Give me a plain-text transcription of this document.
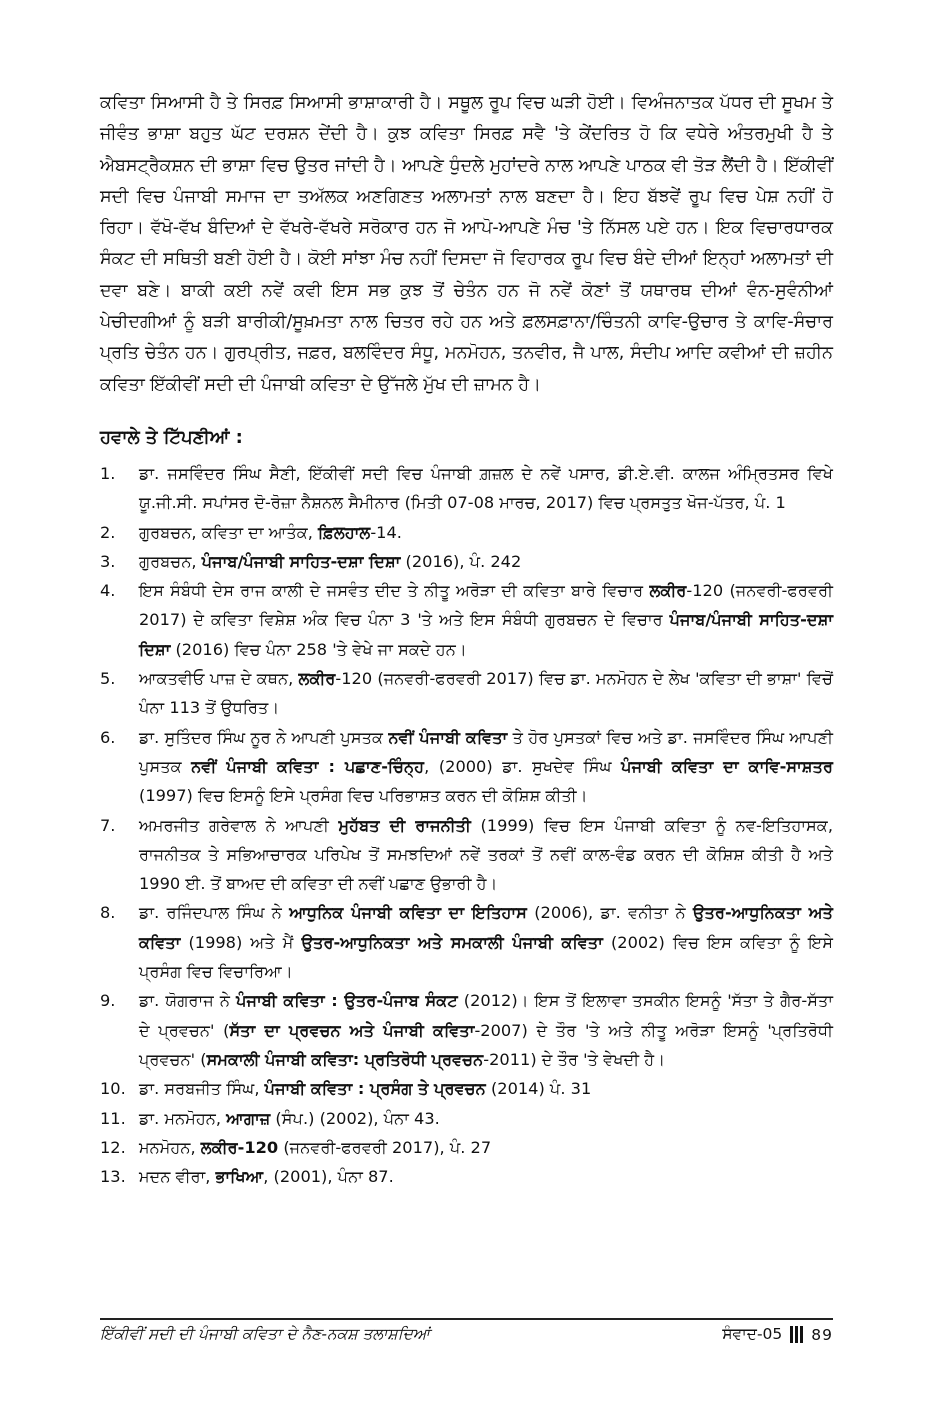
ਕਵਿਤਾ ਸਿਆਸੀ ਹੈ ਤੇ ਸਿਰਫ਼ ਸਿਆਸੀ ਭਾਸ਼ਾਕਾਰੀ ਹੈ। ਸਥੂਲ ਰੂਪ ਵਿਚ ਘੜੀ ਹੋਈ। ਵਿਅੰਜਨਾਤਕ ਪੱਧਰ ਦੀ ਸੂਖਮ ਤੇ ਜੀਵੰਤ ਭਾਸ਼ਾ ਬਹੁਤ ਘੱਟ ਦਰਸ਼ਨ ਦੇਂਦੀ ਹੈ। ਕੁਝ ਕਵਿਤਾ ਸਿਰਫ਼ ਸਵੈ 'ਤੇ ਕੇਂਦਰਿਤ ਹੋ ਕਿ ਵਧੇਰੇ ਅੰਤਰਮੁਖੀ ਹੈ ਤੇ ਐਬਸਟ੍ਰੈਕਸ਼ਨ ਦੀ ਭਾਸ਼ਾ ਵਿਚ ਉਤਰ ਜਾਂਦੀ ਹੈ। ਆਪਣੇ ਧੁੰਦਲੇ ਮੁਹਾਂਦਰੇ ਨਾਲ ਆਪਣੇ ਪਾਠਕ ਵੀ ਤੋੜ ਲੈਂਦੀ ਹੈ। ਇੱਕੀਵੀਂ ਸਦੀ ਵਿਚ ਪੰਜਾਬੀ ਸਮਾਜ ਦਾ ਤਅੱਲਕ ਅਣਗਿਣਤ ਅਲਾਮਤਾਂ ਨਾਲ ਬਣਦਾ ਹੈ। ਇਹ ਬੱਝਵੇਂ ਰੂਪ ਵਿਚ ਪੇਸ਼ ਨਹੀਂ ਹੋ ਰਿਹਾ। ਵੱਖੋ-ਵੱਖ ਬੰਦਿਆਂ ਦੇ ਵੱਖਰੇ-ਵੱਖਰੇ ਸਰੋਕਾਰ ਹਨ ਜੋ ਆਪੋ-ਆਪਣੇ ਮੰਚ 'ਤੇ ਨਿੱਸਲ ਪਏ ਹਨ। ਇਕ ਵਿਚਾਰਧਾਰਕ ਸੰਕਟ ਦੀ ਸਥਿਤੀ ਬਣੀ ਹੋਈ ਹੈ। ਕੋਈ ਸਾਂਝਾ ਮੰਚ ਨਹੀਂ ਦਿਸਦਾ ਜੋ ਵਿਹਾਰਕ ਰੂਪ ਵਿਚ ਬੰਦੇ ਦੀਆਂ ਇਨ੍ਹਾਂ ਅਲਾਮਤਾਂ ਦੀ ਦਵਾ ਬਣੇ। ਬਾਕੀ ਕਈ ਨਵੇਂ ਕਵੀ ਇਸ ਸਭ ਕੁਝ ਤੋਂ ਚੇਤੰਨ ਹਨ ਜੋ ਨਵੇਂ ਕੋਣਾਂ ਤੋਂ ਯਥਾਰਥ ਦੀਆਂ ਵੰਨ-ਸੁਵੰਨੀਆਂ ਪੇਚੀਦਗੀਆਂ ਨੂੰ ਬੜੀ ਬਾਰੀਕੀ/ਸੂਖ਼ਮਤਾ ਨਾਲ ਚਿਤਰ ਰਹੇ ਹਨ ਅਤੇ ਫ਼ਲਸਫ਼ਾਨਾ/ਚਿੰਤਨੀ ਕਾਵਿ-ਉਚਾਰ ਤੇ ਕਾਵਿ-ਸੰਚਾਰ ਪ੍ਰਤਿ ਚੇਤੰਨ ਹਨ। ਗੁਰਪ੍ਰੀਤ, ਜਫ਼ਰ, ਬਲਵਿੰਦਰ ਸੰਧੂ, ਮਨਮੋਹਨ, ਤਨਵੀਰ, ਜੈ ਪਾਲ, ਸੰਦੀਪ ਆਦਿ ਕਵੀਆਂ ਦੀ ਜ਼ਹੀਨ ਕਵਿਤਾ ਇੱਕੀਵੀਂ ਸਦੀ ਦੀ ਪੰਜਾਬੀ ਕਵਿਤਾ ਦੇ ਉੱਜਲੇ ਮੁੱਖ ਦੀ ਜ਼ਾਮਨ ਹੈ।

ਹਵਾਲੇ ਤੇ ਟਿੱਪਣੀਆਂ :
1.	ਡਾ. ਜਸਵਿੰਦਰ ਸਿੰਘ ਸੈਣੀ, ਇੱਕੀਵੀਂ ਸਦੀ ਵਿਚ ਪੰਜਾਬੀ ਗ਼ਜ਼ਲ ਦੇ ਨਵੇਂ ਪਸਾਰ, ਡੀ.ਏ.ਵੀ. ਕਾਲਜ ਅੰਮ੍ਰਿਤਸਰ ਵਿਖੇ ਯੂ.ਜੀ.ਸੀ. ਸਪਾਂਸਰ ਦੋ-ਰੋਜ਼ਾ ਨੈਸ਼ਨਲ ਸੈਮੀਨਾਰ (ਮਿਤੀ 07-08 ਮਾਰਚ, 2017) ਵਿਚ ਪ੍ਰਸਤੁਤ ਖੋਜ-ਪੱਤਰ, ਪੰ. 1
2.	ਗੁਰਬਚਨ, ਕਵਿਤਾ ਦਾ ਆਤੰਕ, ਫ਼ਿਲਹਾਲ-14.
3.	ਗੁਰਬਚਨ, ਪੰਜਾਬ/ਪੰਜਾਬੀ ਸਾਹਿਤ-ਦਸ਼ਾ ਦਿਸ਼ਾ (2016), ਪੰ. 242
4.	ਇਸ ਸੰਬੰਧੀ ਦੇਸ ਰਾਜ ਕਾਲੀ ਦੇ ਜਸਵੰਤ ਦੀਦ ਤੇ ਨੀਤੂ ਅਰੋੜਾ ਦੀ ਕਵਿਤਾ ਬਾਰੇ ਵਿਚਾਰ ਲਕੀਰ-120 (ਜਨਵਰੀ-ਫਰਵਰੀ 2017) ਦੇ ਕਵਿਤਾ ਵਿਸ਼ੇਸ਼ ਅੰਕ ਵਿਚ ਪੰਨਾ 3 'ਤੇ ਅਤੇ ਇਸ ਸੰਬੰਧੀ ਗੁਰਬਚਨ ਦੇ ਵਿਚਾਰ ਪੰਜਾਬ/ਪੰਜਾਬੀ ਸਾਹਿਤ-ਦਸ਼ਾ ਦਿਸ਼ਾ (2016) ਵਿਚ ਪੰਨਾ 258 'ਤੇ ਵੇਖੇ ਜਾ ਸਕਦੇ ਹਨ।
5.	ਆਕਤਵੀਓ ਪਾਜ਼ ਦੇ ਕਥਨ, ਲਕੀਰ-120 (ਜਨਵਰੀ-ਫਰਵਰੀ 2017) ਵਿਚ ਡਾ. ਮਨਮੋਹਨ ਦੇ ਲੇਖ 'ਕਵਿਤਾ ਦੀ ਭਾਸ਼ਾ' ਵਿਚੋਂ ਪੰਨਾ 113 ਤੋਂ ਉਧਰਿਤ।
6.	ਡਾ. ਸੁਤਿੰਦਰ ਸਿੰਘ ਨੂਰ ਨੇ ਆਪਣੀ ਪੁਸਤਕ ਨਵੀਂ ਪੰਜਾਬੀ ਕਵਿਤਾ ਤੇ ਹੋਰ ਪੁਸਤਕਾਂ ਵਿਚ ਅਤੇ ਡਾ. ਜਸਵਿੰਦਰ ਸਿੰਘ ਆਪਣੀ ਪੁਸਤਕ ਨਵੀਂ ਪੰਜਾਬੀ ਕਵਿਤਾ : ਪਛਾਣ-ਚਿੰਨ੍ਹ, (2000) ਡਾ. ਸੁਖਦੇਵ ਸਿੰਘ ਪੰਜਾਬੀ ਕਵਿਤਾ ਦਾ ਕਾਵਿ-ਸਾਸ਼ਤਰ (1997) ਵਿਚ ਇਸਨੂੰ ਇਸੇ ਪ੍ਰਸੰਗ ਵਿਚ ਪਰਿਭਾਸ਼ਤ ਕਰਨ ਦੀ ਕੋਸ਼ਿਸ਼ ਕੀਤੀ।
7.	ਅਮਰਜੀਤ ਗਰੇਵਾਲ ਨੇ ਆਪਣੀ ਮੁਹੱਬਤ ਦੀ ਰਾਜਨੀਤੀ (1999) ਵਿਚ ਇਸ ਪੰਜਾਬੀ ਕਵਿਤਾ ਨੂੰ ਨਵ-ਇਤਿਹਾਸਕ, ਰਾਜਨੀਤਕ ਤੇ ਸਭਿਆਚਾਰਕ ਪਰਿਪੇਖ ਤੋਂ ਸਮਝਦਿਆਂ ਨਵੇਂ ਤਰਕਾਂ ਤੋਂ ਨਵੀਂ ਕਾਲ-ਵੰਡ ਕਰਨ ਦੀ ਕੋਸ਼ਿਸ਼ ਕੀਤੀ ਹੈ ਅਤੇ 1990 ਈ. ਤੋਂ ਬਾਅਦ ਦੀ ਕਵਿਤਾ ਦੀ ਨਵੀਂ ਪਛਾਣ ਉਭਾਰੀ ਹੈ।
8.	ਡਾ. ਰਜਿੰਦਪਾਲ ਸਿੰਘ ਨੇ ਆਧੁਨਿਕ ਪੰਜਾਬੀ ਕਵਿਤਾ ਦਾ ਇਤਿਹਾਸ (2006), ਡਾ. ਵਨੀਤਾ ਨੇ ਉਤਰ-ਆਧੁਨਿਕਤਾ ਅਤੇ ਕਵਿਤਾ (1998) ਅਤੇ ਮੈਂ ਉਤਰ-ਆਧੁਨਿਕਤਾ ਅਤੇ ਸਮਕਾਲੀ ਪੰਜਾਬੀ ਕਵਿਤਾ (2002) ਵਿਚ ਇਸ ਕਵਿਤਾ ਨੂੰ ਇਸੇ ਪ੍ਰਸੰਗ ਵਿਚ ਵਿਚਾਰਿਆ।
9.	ਡਾ. ਯੋਗਰਾਜ ਨੇ ਪੰਜਾਬੀ ਕਵਿਤਾ : ਉਤਰ-ਪੰਜਾਬ ਸੰਕਟ (2012)। ਇਸ ਤੋਂ ਇਲਾਵਾ ਤਸਕੀਨ ਇਸਨੂੰ 'ਸੱਤਾ ਤੇ ਗੈਰ-ਸੱਤਾ ਦੇ ਪ੍ਰਵਚਨ' (ਸੱਤਾ ਦਾ ਪ੍ਰਵਚਨ ਅਤੇ ਪੰਜਾਬੀ ਕਵਿਤਾ-2007) ਦੇ ਤੌਰ 'ਤੇ ਅਤੇ ਨੀਤੂ ਅਰੋੜਾ ਇਸਨੂੰ 'ਪ੍ਰਤਿਰੋਧੀ ਪ੍ਰਵਚਨ' (ਸਮਕਾਲੀ ਪੰਜਾਬੀ ਕਵਿਤਾ: ਪ੍ਰਤਿਰੋਧੀ ਪ੍ਰਵਚਨ-2011) ਦੇ ਤੌਰ 'ਤੇ ਵੇਖਦੀ ਹੈ।
10. ਡਾ. ਸਰਬਜੀਤ ਸਿੰਘ, ਪੰਜਾਬੀ ਕਵਿਤਾ : ਪ੍ਰਸੰਗ ਤੇ ਪ੍ਰਵਚਨ (2014) ਪੰ. 31
11. ਡਾ. ਮਨਮੋਹਨ, ਆਗਾਜ਼ (ਸੰਪ.) (2002), ਪੰਨਾ 43.
12. ਮਨਮੋਹਨ, ਲਕੀਰ-120 (ਜਨਵਰੀ-ਫਰਵਰੀ 2017), ਪੰ. 27
13. ਮਦਨ ਵੀਰਾ, ਭਾਖਿਆ, (2001), ਪੰਨਾ 87.
ਇੱਕੀਵੀਂ ਸਦੀ ਦੀ ਪੰਜਾਬੀ ਕਵਿਤਾ ਦੇ ਨੈਣ-ਨਕਸ਼ ਤਲਾਸ਼ਦਿਆਂ	ਸੰਵਾਦ-05 89
